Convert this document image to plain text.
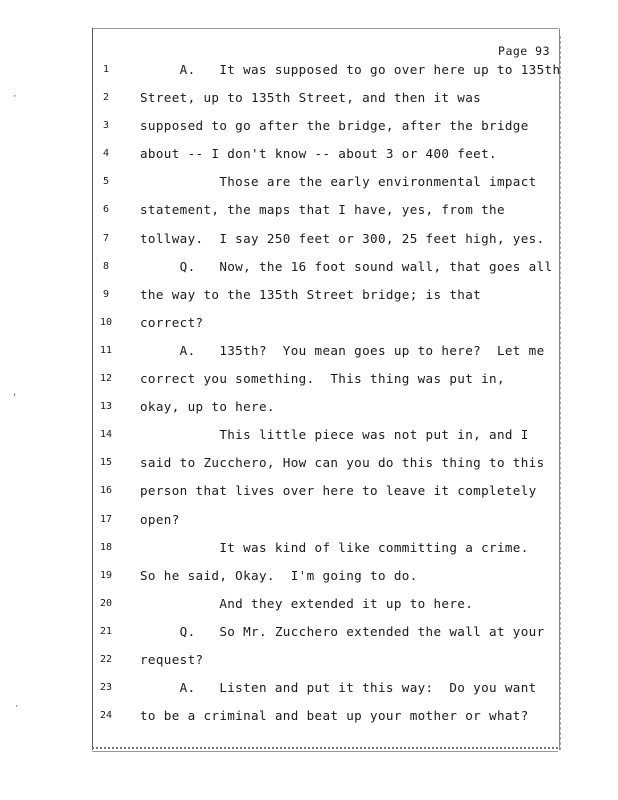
·
‚
·
Page 93
1	A.   It was supposed to go over here up to 135th
2	Street, up to 135th Street, and then it was
3	supposed to go after the bridge, after the bridge
4	about -- I don't know -- about 3 or 400 feet.
5	Those are the early environmental impact
6	statement, the maps that I have, yes, from the
7	tollway.  I say 250 feet or 300, 25 feet high, yes.
8	Q.   Now, the 16 foot sound wall, that goes all
9	the way to the 135th Street bridge; is that
10	correct?
11	A.   135th?  You mean goes up to here?  Let me
12	correct you something.  This thing was put in,
13	okay, up to here.
14	This little piece was not put in, and I
15	said to Zucchero, How can you do this thing to this
16	person that lives over here to leave it completely
17	open?
18	It was kind of like committing a crime.
19	So he said, Okay.  I'm going to do.
20	And they extended it up to here.
21	Q.   So Mr. Zucchero extended the wall at your
22	request?
23	A.   Listen and put it this way:  Do you want
24	to be a criminal and beat up your mother or what?
